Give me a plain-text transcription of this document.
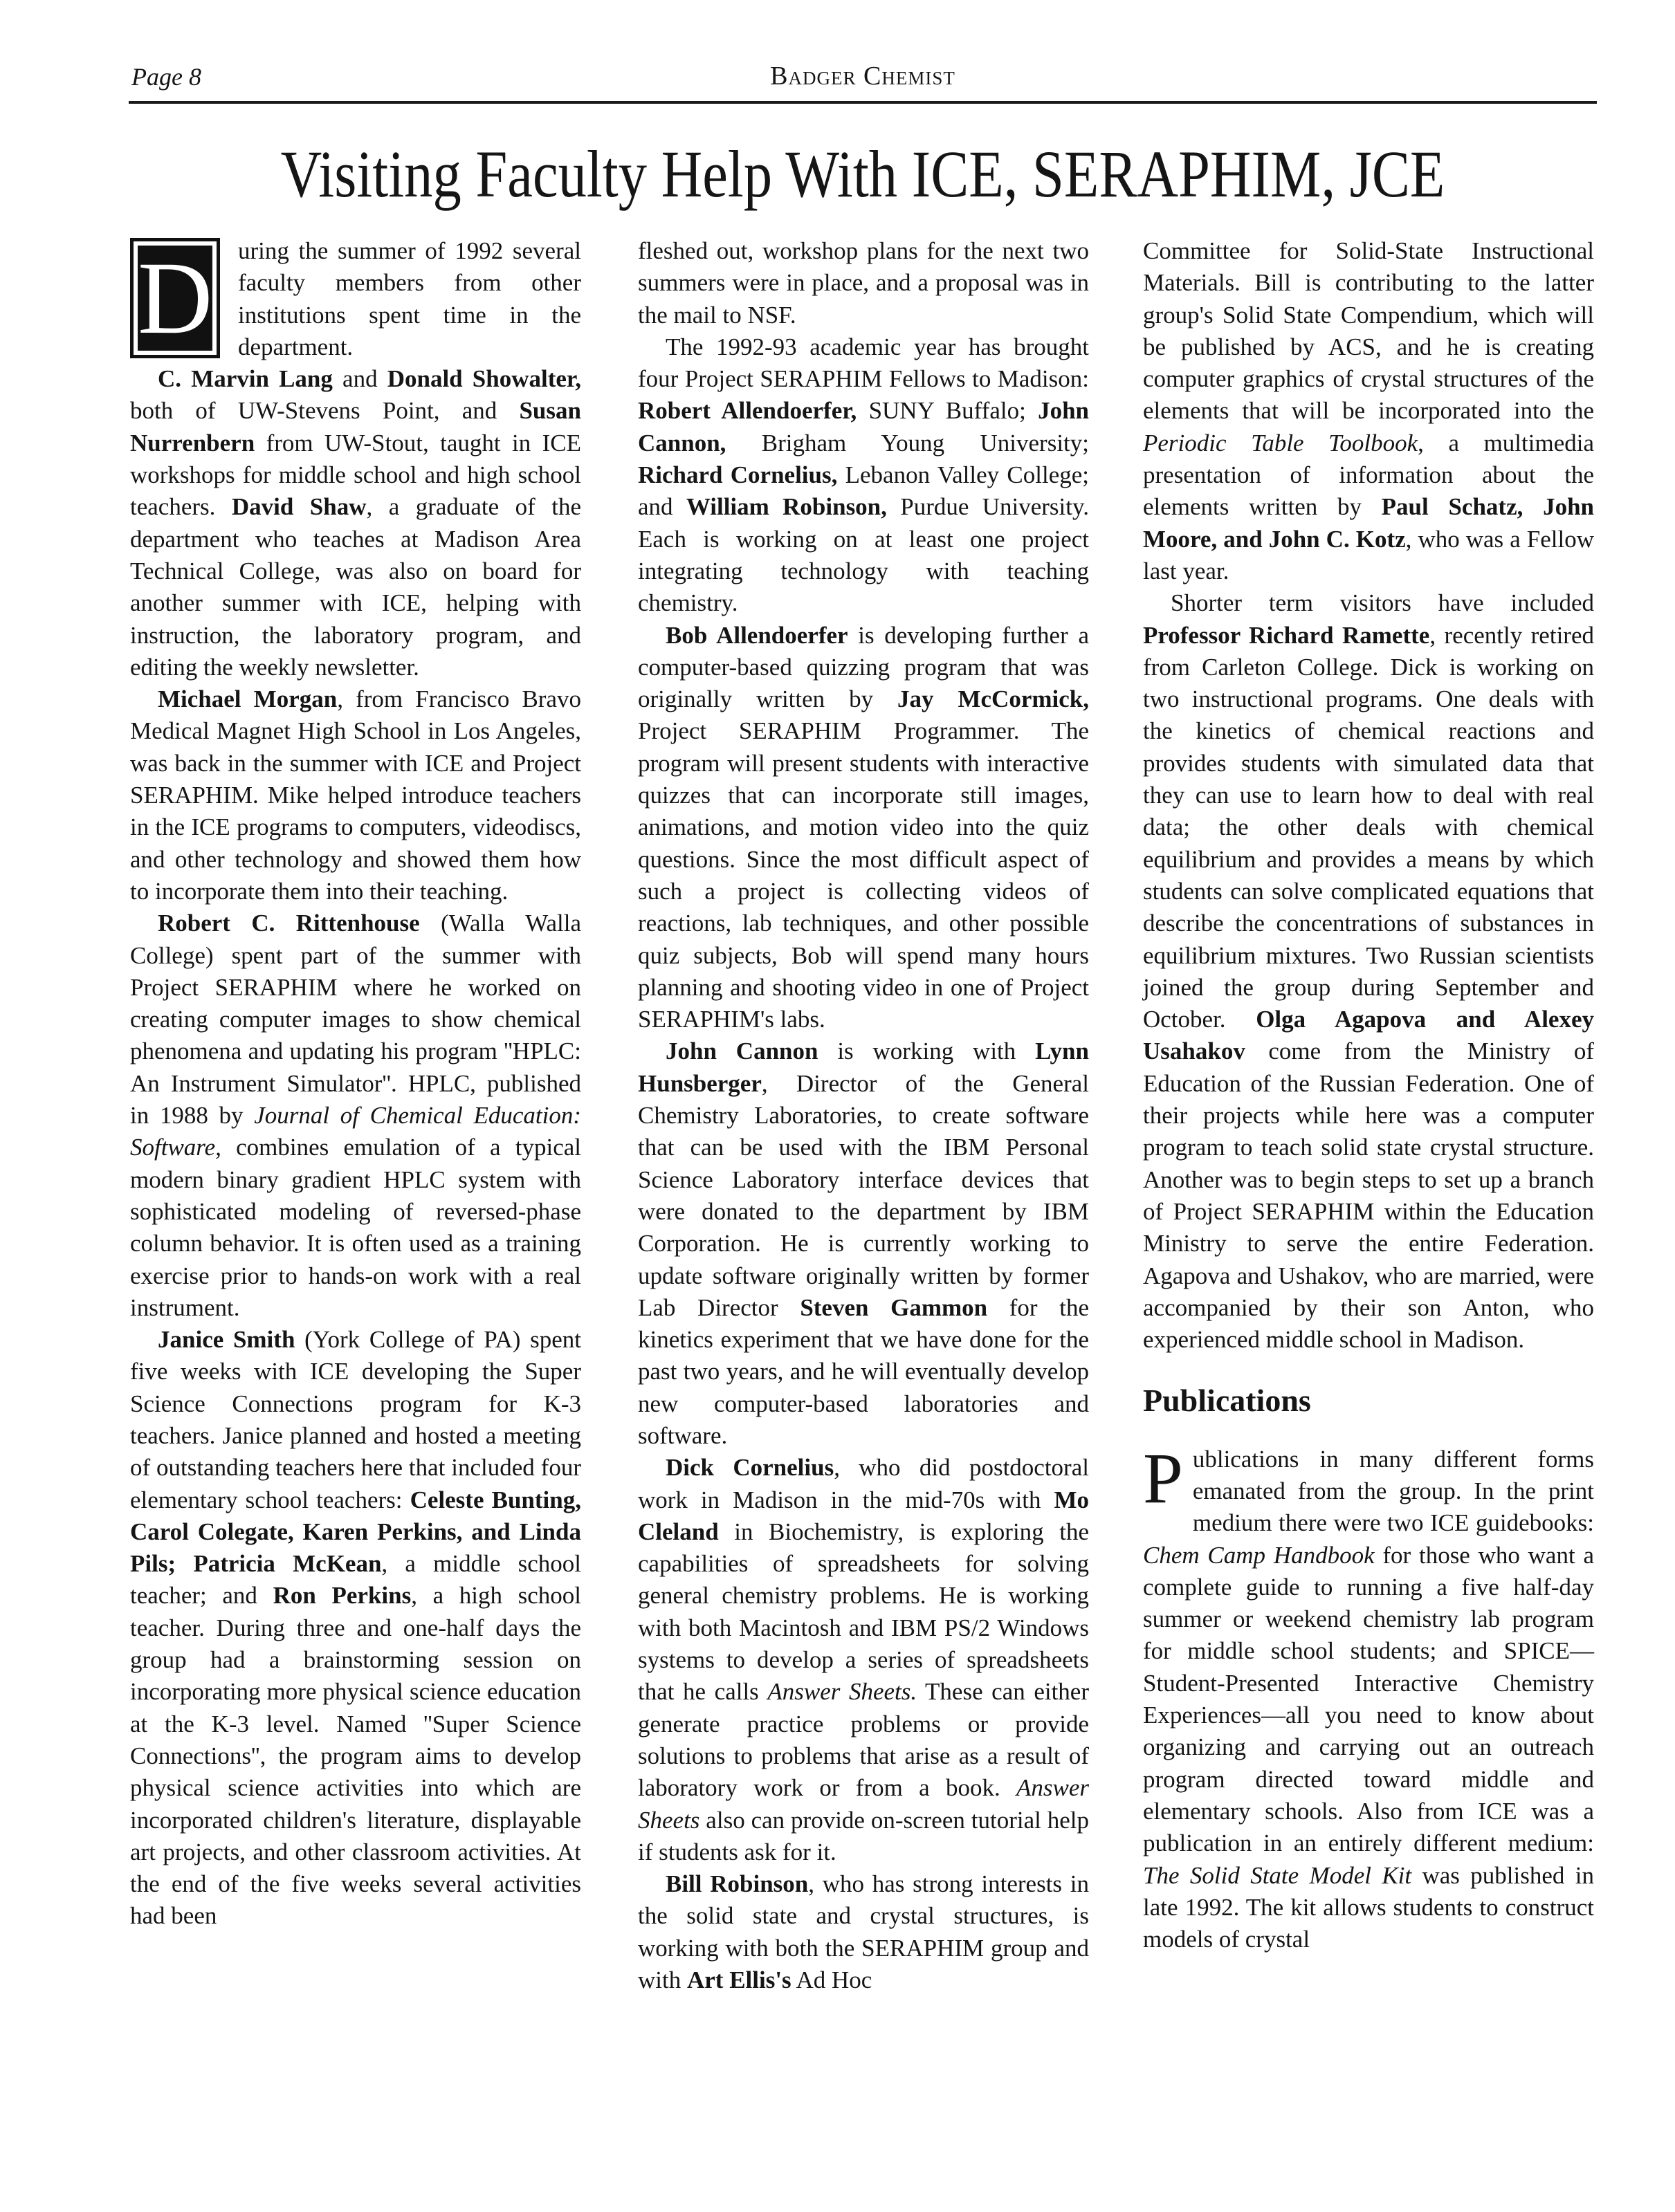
Page 8	Badger Chemist
Visiting Faculty Help With ICE, SERAPHIM, JCE
D	uring the summer of 1992 several faculty members from other institutions spent time in the department.

C. Marvin Lang and Donald Showalter, both of UW-Stevens Point, and Susan Nurrenbern from UW-Stout, taught in ICE workshops for middle school and high school teachers. David Shaw, a graduate of the department who teaches at Madison Area Technical College, was also on board for another summer with ICE, helping with instruction, the laboratory program, and editing the weekly newsletter.

Michael Morgan, from Francisco Bravo Medical Magnet High School in Los Angeles, was back in the summer with ICE and Project SERAPHIM. Mike helped introduce teachers in the ICE programs to computers, videodiscs, and other technology and showed them how to incorporate them into their teaching.

Robert C. Rittenhouse (Walla Walla College) spent part of the summer with Project SERAPHIM where he worked on creating computer images to show chemical phenomena and updating his program ''HPLC: An Instrument Simulator''. HPLC, published in 1988 by Journal of Chemical Education: Software, combines emulation of a typical modern binary gradient HPLC system with sophisticated modeling of reversed-phase column behavior. It is often used as a training exercise prior to hands-on work with a real instrument.

Janice Smith (York College of PA) spent five weeks with ICE developing the Super Science Connections program for K-3 teachers. Janice planned and hosted a meeting of outstanding teachers here that included four elementary school teachers: Celeste Bunting, Carol Colegate, Karen Perkins, and Linda Pils; Patricia McKean, a middle school teacher; and Ron Perkins, a high school teacher. During three and one-half days the group had a brainstorming session on incorporating more physical science education at the K-3 level. Named ''Super Science Connections'', the program aims to develop physical science activities into which are incorporated children's literature, displayable art projects, and other classroom activities. At the end of the five weeks several activities had been

fleshed out, workshop plans for the next two summers were in place, and a proposal was in the mail to NSF.

The 1992-93 academic year has brought four Project SERAPHIM Fellows to Madison: Robert Allendoerfer, SUNY Buffalo; John Cannon, Brigham Young University; Richard Cornelius, Lebanon Valley College; and William Robinson, Purdue University. Each is working on at least one project integrating technology with teaching chemistry.

Bob Allendoerfer is developing further a computer-based quizzing program that was originally written by Jay McCormick, Project SERAPHIM Programmer. The program will present students with interactive quizzes that can incorporate still images, animations, and motion video into the quiz questions. Since the most difficult aspect of such a project is collecting videos of reactions, lab techniques, and other possible quiz subjects, Bob will spend many hours planning and shooting video in one of Project SERAPHIM's labs.

John Cannon is working with Lynn Hunsberger, Director of the General Chemistry Laboratories, to create software that can be used with the IBM Personal Science Laboratory interface devices that were donated to the department by IBM Corporation. He is currently working to update software originally written by former Lab Director Steven Gammon for the kinetics experiment that we have done for the past two years, and he will eventually develop new computer-based laboratories and software.

Dick Cornelius, who did postdoctoral work in Madison in the mid-70s with Mo Cleland in Biochemistry, is exploring the capabilities of spreadsheets for solving general chemistry problems. He is working with both Macintosh and IBM PS/2 Windows systems to develop a series of spreadsheets that he calls Answer Sheets. These can either generate practice problems or provide solutions to problems that arise as a result of laboratory work or from a book. Answer Sheets also can provide on-screen tutorial help if students ask for it.

Bill Robinson, who has strong interests in the solid state and crystal structures, is working with both the SERAPHIM group and with Art Ellis's Ad Hoc

Committee for Solid-State Instructional Materials. Bill is contributing to the latter group's Solid State Compendium, which will be published by ACS, and he is creating computer graphics of crystal structures of the elements that will be incorporated into the Periodic Table Toolbook, a multimedia presentation of information about the elements written by Paul Schatz, John Moore, and John C. Kotz, who was a Fellow last year.

Shorter term visitors have included Professor Richard Ramette, recently retired from Carleton College. Dick is working on two instructional programs. One deals with the kinetics of chemical reactions and provides students with simulated data that they can use to learn how to deal with real data; the other deals with chemical equilibrium and provides a means by which students can solve complicated equations that describe the concentrations of substances in equilibrium mixtures. Two Russian scientists joined the group during September and October. Olga Agapova and Alexey Usahakov come from the Ministry of Education of the Russian Federation. One of their projects while here was a computer program to teach solid state crystal structure. Another was to begin steps to set up a branch of Project SERAPHIM within the Education Ministry to serve the entire Federation. Agapova and Ushakov, who are married, were accompanied by their son Anton, who experienced middle school in Madison.

Publications

Publications in many different forms emanated from the group. In the print medium there were two ICE guidebooks: Chem Camp Handbook for those who want a complete guide to running a five half-day summer or weekend chemistry lab program for middle school students; and SPICE—Student-Presented Interactive Chemistry Experiences—all you need to know about organizing and carrying out an outreach program directed toward middle and elementary schools. Also from ICE was a publication in an entirely different medium: The Solid State Model Kit was published in late 1992. The kit allows students to construct models of crystal
